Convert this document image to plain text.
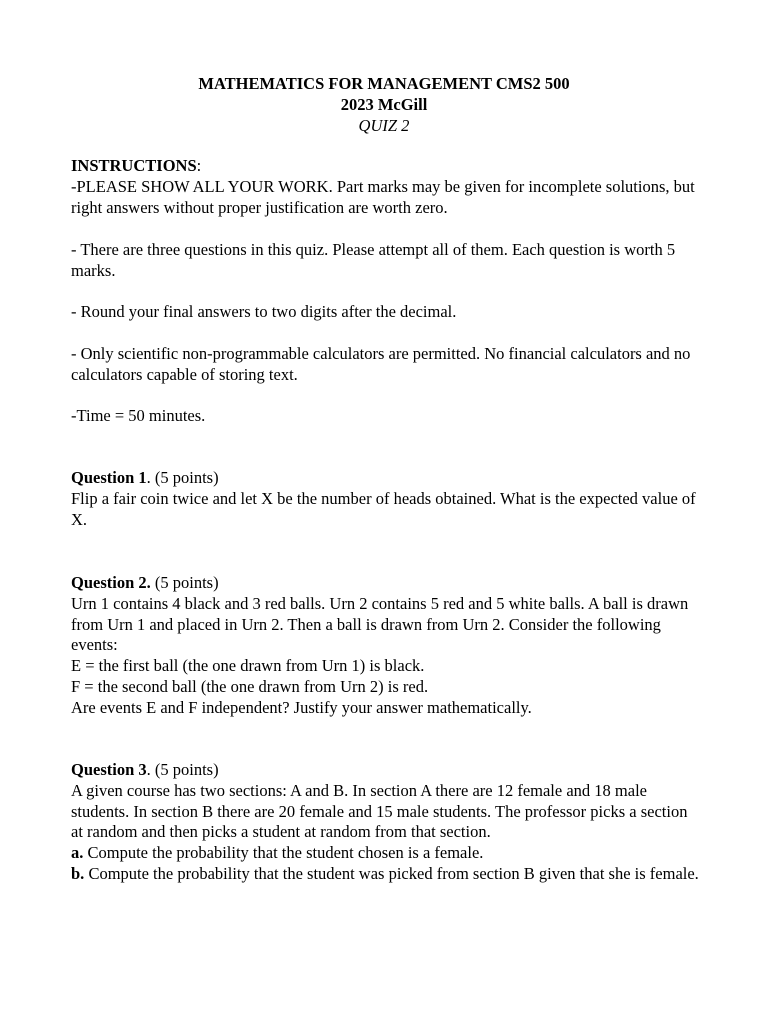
MATHEMATICS FOR MANAGEMENT CMS2 500
2023 McGill
QUIZ 2

INSTRUCTIONS:

-PLEASE SHOW ALL YOUR WORK. Part marks may be given for incomplete solutions, but right answers without proper justification are worth zero.

- There are three questions in this quiz. Please attempt all of them. Each question is worth 5 marks.

- Round your final answers to two digits after the decimal.

- Only scientific non-programmable calculators are permitted. No financial calculators and no calculators capable of storing text.

-Time = 50 minutes.

Question 1. (5 points)

Flip a fair coin twice and let X be the number of heads obtained. What is the expected value of X.

Question 2. (5 points)

Urn 1 contains 4 black and 3 red balls. Urn 2 contains 5 red and 5 white balls. A ball is drawn from Urn 1 and placed in Urn 2. Then a ball is drawn from Urn 2. Consider the following events:

E = the first ball (the one drawn from Urn 1) is black.

F = the second ball (the one drawn from Urn 2) is red.

Are events E and F independent? Justify your answer mathematically.

Question 3. (5 points)

A given course has two sections: A and B. In section A there are 12 female and 18 male students. In section B there are 20 female and 15 male students. The professor picks a section at random and then picks a student at random from that section.

a. Compute the probability that the student chosen is a female.

b. Compute the probability that the student was picked from section B given that she is female.
